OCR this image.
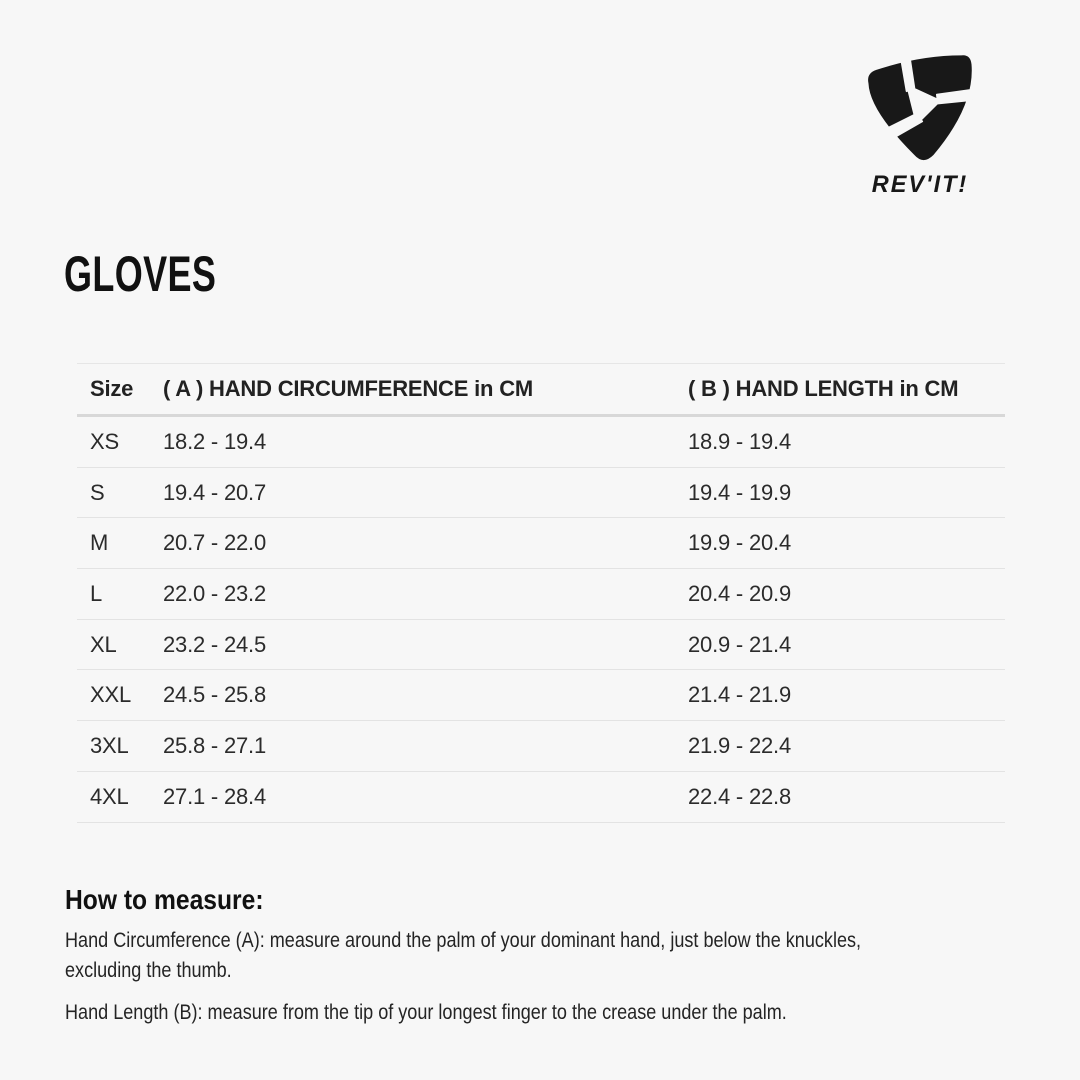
REV'IT!
GLOVES
Size	( A ) HAND CIRCUMFERENCE in CM	( B ) HAND LENGTH in CM
XS	18.2 - 19.4	18.9 - 19.4
S	19.4 - 20.7	19.4 - 19.9
M	20.7 - 22.0	19.9 - 20.4
L	22.0 - 23.2	20.4 - 20.9
XL	23.2 - 24.5	20.9 - 21.4
XXL	24.5 - 25.8	21.4 - 21.9
3XL	25.8 - 27.1	21.9 - 22.4
4XL	27.1 - 28.4	22.4 - 22.8
How to measure:
Hand Circumference (A): measure around the palm of your dominant hand, just below the knuckles,
excluding the thumb.
Hand Length (B): measure from the tip of your longest finger to the crease under the palm.
